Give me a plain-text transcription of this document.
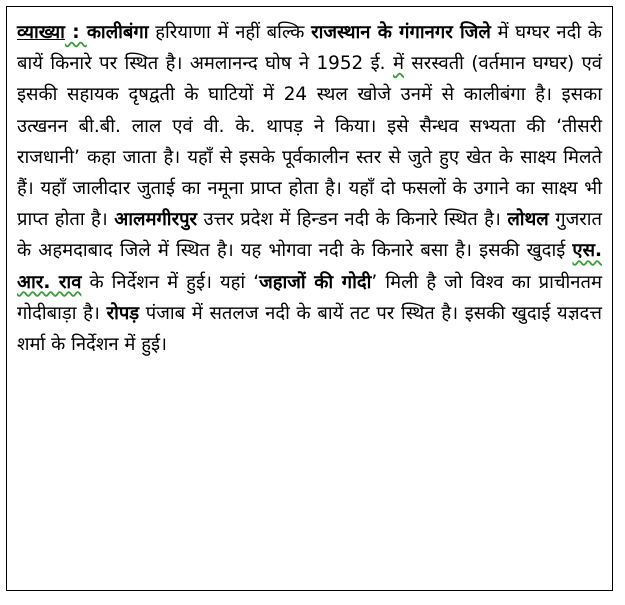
व्याख्या : कालीबंगा हरियाणा में नहीं बल्कि राजस्थान के गंगानगर जिले में घग्घर नदी के बायें किनारे पर स्थित है। अमलानन्द घोष ने 1952 ई. में सरस्वती (वर्तमान घग्घर) एवं इसकी सहायक दृषद्वती के घाटियों में 24 स्थल खोजे उनमें से कालीबंगा है। इसका उत्खनन बी.बी. लाल एवं वी. के. थापड़ ने किया। इसे सैन्धव सभ्यता की ‘तीसरी राजधानी’ कहा जाता है। यहाँ से इसके पूर्वकालीन स्तर से जुते हुए खेत के साक्ष्य मिलते हैं। यहाँ जालीदार जुताई का नमूना प्राप्त होता है। यहाँ दो फसलों के उगाने का साक्ष्य भी प्राप्त होता है। आलमगीरपुर उत्तर प्रदेश में हिन्डन नदी के किनारे स्थित है। लोथल गुजरात के अहमदाबाद जिले में स्थित है। यह भोगवा नदी के किनारे बसा है। इसकी खुदाई एस. आर. राव के निर्देशन में हुई। यहां ‘जहाजों की गोदी’ मिली है जो विश्व का प्राचीनतम गोदीबाड़ा है। रोपड़ पंजाब में सतलज नदी के बायें तट पर स्थित है। इसकी खुदाई यज्ञदत्त शर्मा के निर्देशन में हुई।
